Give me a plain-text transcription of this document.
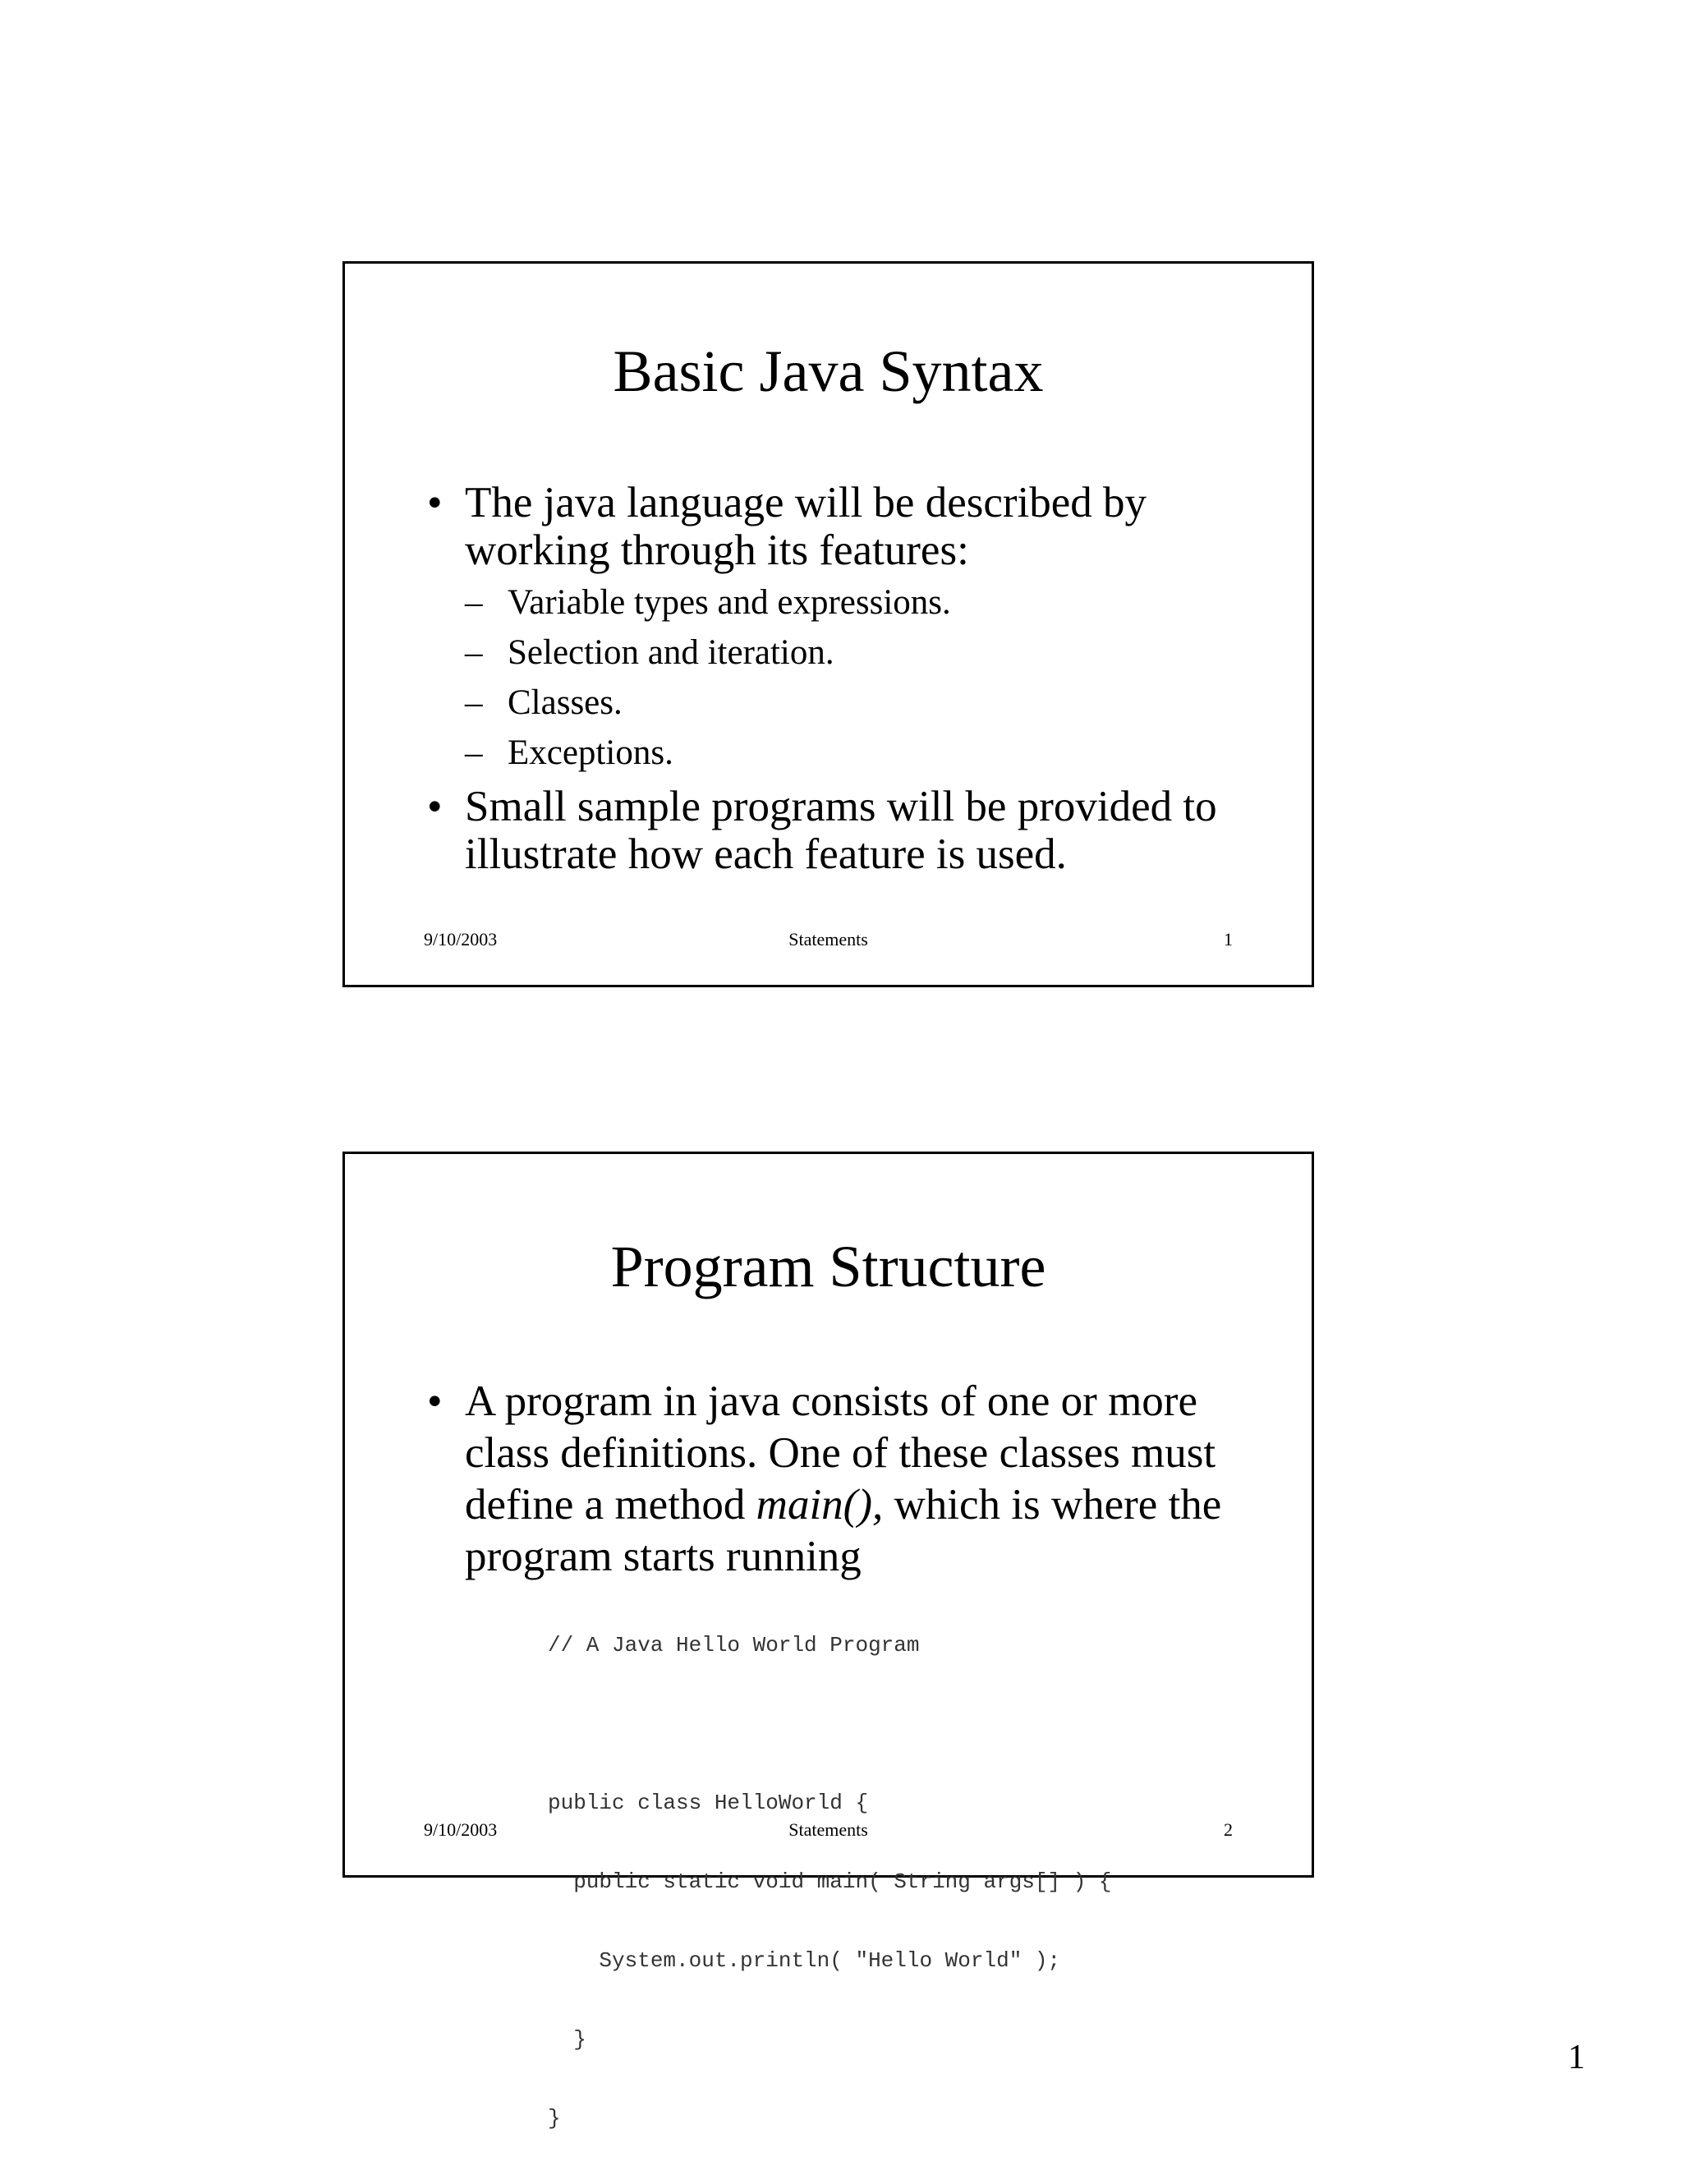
Basic Java Syntax
• The java language will be described by working through its features:
– Variable types and expressions.
– Selection and iteration.
– Classes.
– Exceptions.
• Small sample programs will be provided to illustrate how each feature is used.
9/10/2003	Statements	1
Program Structure
• A program in java consists of one or more class definitions. One of these classes must define a method main(), which is where the program starts running

// A Java Hello World Program

public class HelloWorld {

public static void main( String args[] ) {

System.out.println( "Hello World" );

}

}

9/10/2003	Statements	2
1
